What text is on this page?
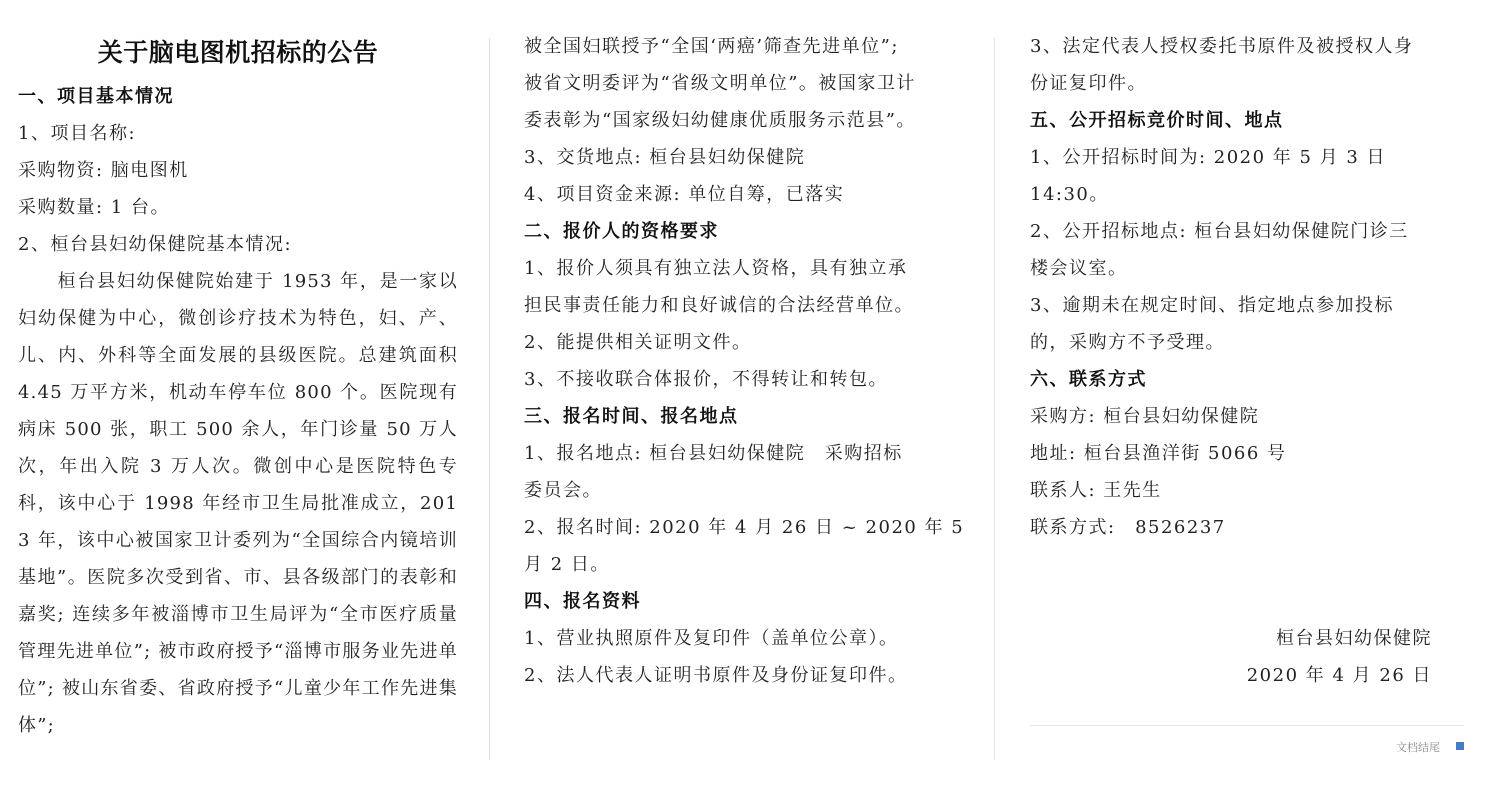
关于脑电图机招标的公告
一、项目基本情况
1、项目名称:
采购物资: 脑电图机
采购数量: 1 台。
2、桓台县妇幼保健院基本情况:

桓台县妇幼保健院始建于 1953 年，是一家以妇幼保健为中心，微创诊疗技术为特色，妇、产、儿、内、外科等全面发展的县级医院。总建筑面积 4.45 万平方米，机动车停车位 800 个。医院现有病床 500 张，职工 500 余人，年门诊量 50 万人次，年出入院 3 万人次。微创中心是医院特色专科，该中心于 1998 年经市卫生局批准成立，2013 年，该中心被国家卫计委列为“全国综合内镜培训基地”。医院多次受到省、市、县各级部门的表彰和嘉奖; 连续多年被淄博市卫生局评为“全市医疗质量管理先进单位”; 被市政府授予“淄博市服务业先进单位”; 被山东省委、省政府授予“儿童少年工作先进集体”;

被全国妇联授予“全国‘两癌’筛查先进单位”;
被省文明委评为“省级文明单位”。被国家卫计
委表彰为“国家级妇幼健康优质服务示范县”。
3、交货地点: 桓台县妇幼保健院
4、项目资金来源: 单位自筹，已落实
二、报价人的资格要求
1、报价人须具有独立法人资格，具有独立承
担民事责任能力和良好诚信的合法经营单位。
2、能提供相关证明文件。
3、不接收联合体报价，不得转让和转包。
三、报名时间、报名地点
1、报名地点: 桓台县妇幼保健院　采购招标
委员会。
2、报名时间: 2020 年 4 月 26 日 ~ 2020 年 5
月 2 日。
四、报名资料
1、营业执照原件及复印件（盖单位公章）。
2、法人代表人证明书原件及身份证复印件。
3、法定代表人授权委托书原件及被授权人身
份证复印件。
五、公开招标竞价时间、地点
1、公开招标时间为: 2020 年 5 月 3 日
14:30。
2、公开招标地点: 桓台县妇幼保健院门诊三
楼会议室。
3、逾期未在规定时间、指定地点参加投标
的，采购方不予受理。
六、联系方式
采购方: 桓台县妇幼保健院
地址: 桓台县渔洋街 5066 号
联系人: 王先生
联系方式:　8526237
桓台县妇幼保健院
2020 年 4 月 26 日
文档结尾
